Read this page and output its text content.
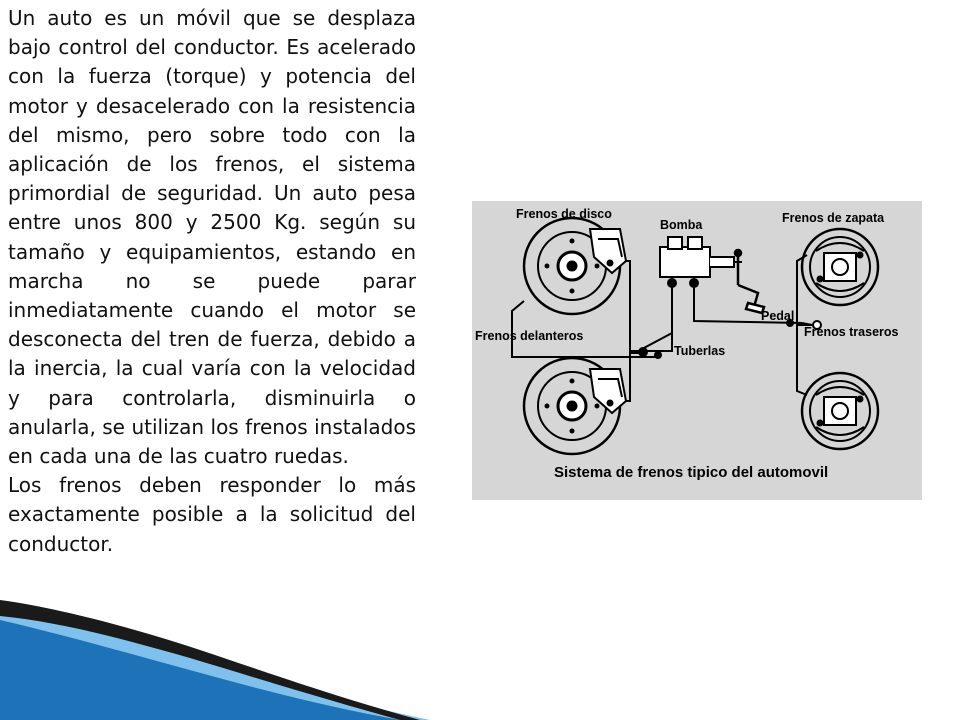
Un auto es un móvil que se desplaza bajo control del conductor. Es acelerado con la fuerza (torque) y potencia del motor y desacelerado con la resistencia del mismo, pero sobre todo con la aplicación de los frenos, el sistema primordial de seguridad. Un auto pesa entre unos 800 y 2500 Kg. según su tamaño y equipamientos, estando en marcha no se puede parar inmediatamente cuando el motor se desconecta del tren de fuerza, debido a la inercia, la cual varía con la velocidad y para controlarla, disminuirla o anularla, se utilizan los frenos instalados en cada una de las cuatro ruedas.

Los frenos deben responder lo más exactamente posible a la solicitud del conductor.

Frenos de disco
Bomba	Frenos de zapata
Pedal
Frenos delanteros	Frenos traseros
Tuberlas
Sistema de frenos tipico del automovil
